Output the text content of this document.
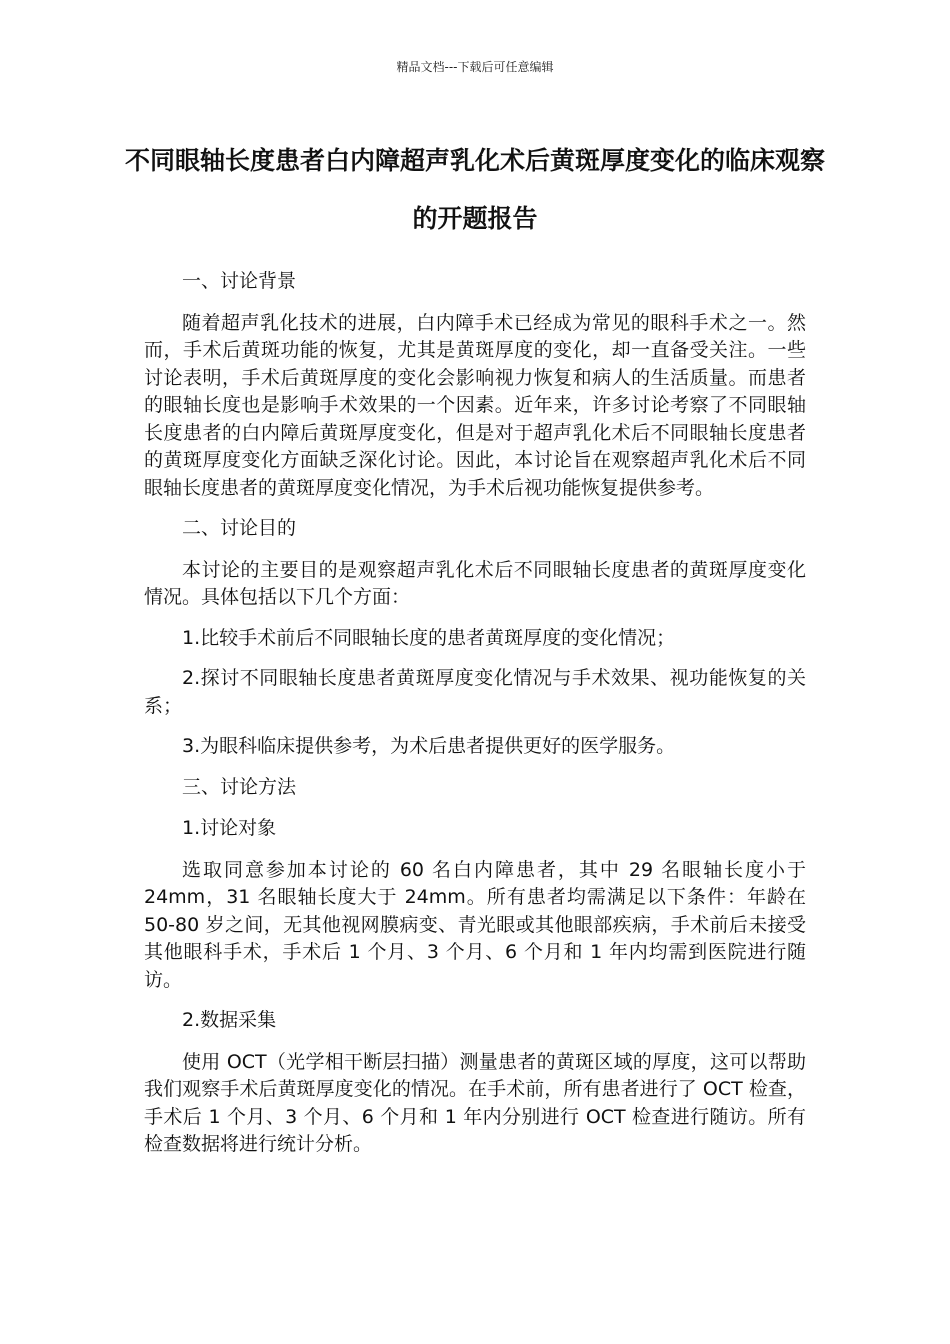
精品文档---下载后可任意编辑
不同眼轴长度患者白内障超声乳化术后黄斑厚度变化的临床观察的开题报告

一、讨论背景

随着超声乳化技术的进展，白内障手术已经成为常见的眼科手术之一。然而，手术后黄斑功能的恢复，尤其是黄斑厚度的变化，却一直备受关注。一些讨论表明，手术后黄斑厚度的变化会影响视力恢复和病人的生活质量。而患者的眼轴长度也是影响手术效果的一个因素。近年来，许多讨论考察了不同眼轴长度患者的白内障后黄斑厚度变化，但是对于超声乳化术后不同眼轴长度患者的黄斑厚度变化方面缺乏深化讨论。因此，本讨论旨在观察超声乳化术后不同眼轴长度患者的黄斑厚度变化情况，为手术后视功能恢复提供参考。

二、讨论目的

本讨论的主要目的是观察超声乳化术后不同眼轴长度患者的黄斑厚度变化情况。具体包括以下几个方面：

1.比较手术前后不同眼轴长度的患者黄斑厚度的变化情况；

2.探讨不同眼轴长度患者黄斑厚度变化情况与手术效果、视功能恢复的关系；

3.为眼科临床提供参考，为术后患者提供更好的医学服务。

三、讨论方法

1.讨论对象

选取同意参加本讨论的 60 名白内障患者，其中 29 名眼轴长度小于 24mm，31 名眼轴长度大于 24mm。所有患者均需满足以下条件：年龄在 50-80 岁之间，无其他视网膜病变、青光眼或其他眼部疾病，手术前后未接受其他眼科手术，手术后 1 个月、3 个月、6 个月和 1 年内均需到医院进行随访。

2.数据采集

使用 OCT（光学相干断层扫描）测量患者的黄斑区域的厚度，这可以帮助我们观察手术后黄斑厚度变化的情况。在手术前，所有患者进行了 OCT 检查，手术后 1 个月、3 个月、6 个月和 1 年内分别进行 OCT 检查进行随访。所有检查数据将进行统计分析。
